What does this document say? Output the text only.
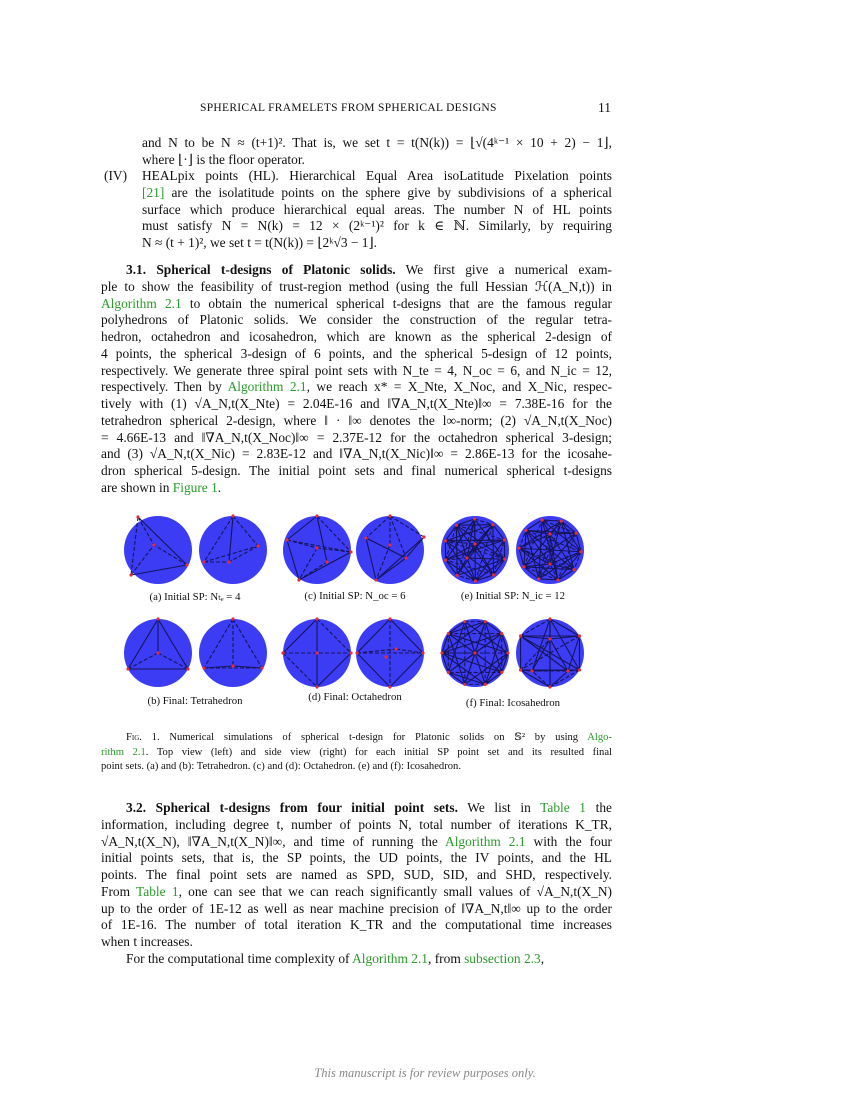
SPHERICAL FRAMELETS FROM SPHERICAL DESIGNS	11
and N to be N ≈ (t+1)². That is, we set t = t(N(k)) = ⌊√(4ᵏ⁻¹ × 10 + 2) − 1⌋,
where ⌊·⌋ is the floor operator.
(IV) HEALpix points (HL). Hierarchical Equal Area isoLatitude Pixelation points
[21] are the isolatitude points on the sphere give by subdivisions of a spherical
surface which produce hierarchical equal areas. The number N of HL points
must satisfy N = N(k) = 12 × (2ᵏ⁻¹)² for k ∈ ℕ. Similarly, by requiring
N ≈ (t + 1)², we set t = t(N(k)) = ⌊2ᵏ√3 − 1⌋.
3.1. Spherical t-designs of Platonic solids. We first give a numerical exam-
ple to show the feasibility of trust-region method (using the full Hessian ℋ(A_N,t)) in
Algorithm 2.1 to obtain the numerical spherical t-designs that are the famous regular
polyhedrons of Platonic solids. We consider the construction of the regular tetra-
hedron, octahedron and icosahedron, which are known as the spherical 2-design of
4 points, the spherical 3-design of 6 points, and the spherical 5-design of 12 points,
respectively. We generate three spiral point sets with N_te = 4, N_oc = 6, and N_ic = 12,
respectively. Then by Algorithm 2.1, we reach x* = X_Nte, X_Noc, and X_Nic, respec-
tively with (1) √A_N,t(X_Nte) = 2.04E-16 and ‖∇A_N,t(X_Nte)‖∞ = 7.38E-16 for the
tetrahedron spherical 2-design, where ‖ · ‖∞ denotes the l∞-norm; (2) √A_N,t(X_Noc)
= 4.66E-13 and ‖∇A_N,t(X_Noc)‖∞ = 2.37E-12 for the octahedron spherical 3-design;
and (3) √A_N,t(X_Nic) = 2.83E-12 and ‖∇A_N,t(X_Nic)‖∞ = 2.86E-13 for the icosahe-
dron spherical 5-design. The initial point sets and final numerical spherical t-designs
are shown in Figure 1.
(a) Initial SP: Nₜₑ = 4
(b) Final: Tetrahedron
(c) Initial SP: N_oc = 6
(d) Final: Octahedron
(e) Initial SP: N_ic = 12
(f) Final: Icosahedron
Fig. 1. Numerical simulations of spherical t-design for Platonic solids on 𝕊² by using Algo-
rithm 2.1. Top view (left) and side view (right) for each initial SP point set and its resulted final
point sets. (a) and (b): Tetrahedron. (c) and (d): Octahedron. (e) and (f): Icosahedron.
3.2. Spherical t-designs from four initial point sets. We list in Table 1 the
information, including degree t, number of points N, total number of iterations K_TR,
√A_N,t(X_N), ‖∇A_N,t(X_N)‖∞, and time of running the Algorithm 2.1 with the four
initial points sets, that is, the SP points, the UD points, the IV points, and the HL
points. The final point sets are named as SPD, SUD, SID, and SHD, respectively.
From Table 1, one can see that we can reach significantly small values of √A_N,t(X_N)
up to the order of 1E-12 as well as near machine precision of ‖∇A_N,t‖∞ up to the order
of 1E-16. The number of total iteration K_TR and the computational time increases
when t increases.
For the computational time complexity of Algorithm 2.1, from subsection 2.3,
This manuscript is for review purposes only.
